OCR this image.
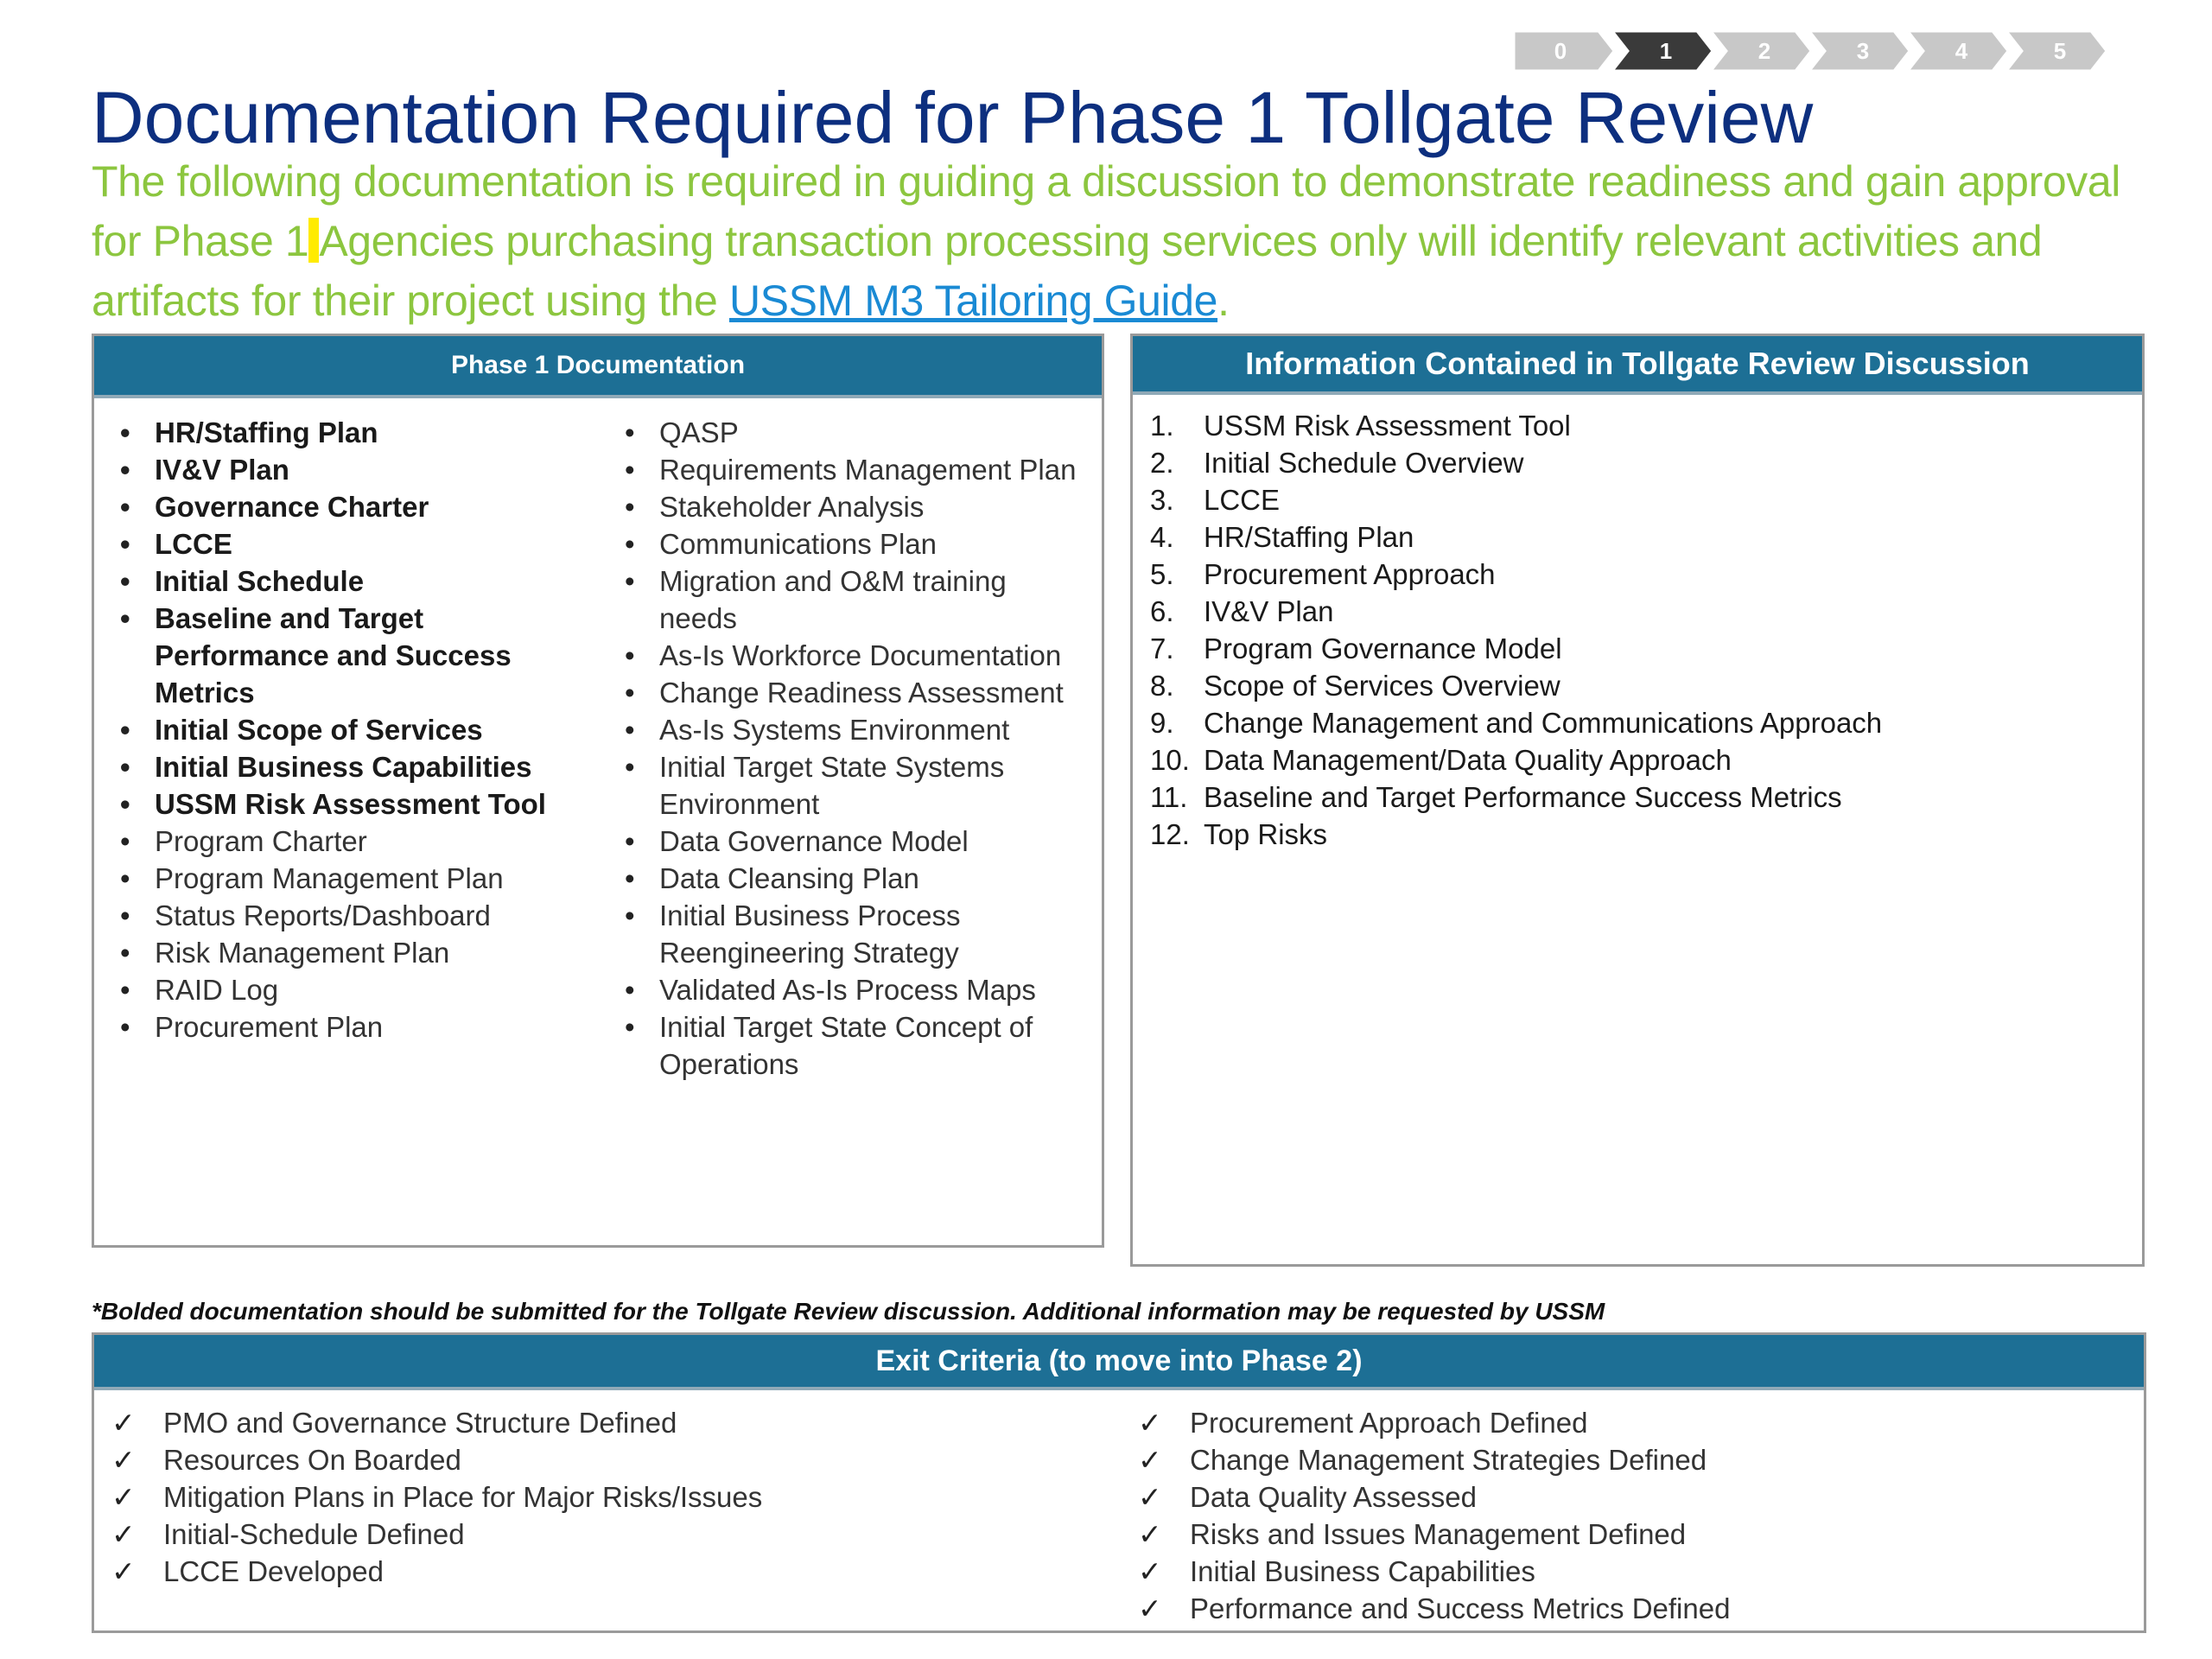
0	1	2	3	4	5
Documentation Required for Phase 1 Tollgate Review

The following documentation is required in guiding a discussion to demonstrate readiness and gain approval for Phase 1 Agencies purchasing transaction processing services only will identify relevant activities and artifacts for their project using the USSM M3 Tailoring Guide.

Phase 1 Documentation
• HR/Staffing Plan
• IV&V Plan
• Governance Charter
• LCCE
• Initial Schedule
• Baseline and Target Performance and Success Metrics
• Initial Scope of Services
• Initial Business Capabilities
• USSM Risk Assessment Tool
• Program Charter
• Program Management Plan
• Status Reports/Dashboard
• Risk Management Plan
• RAID Log
• Procurement Plan
• QASP
• Requirements Management Plan
• Stakeholder Analysis
• Communications Plan
• Migration and O&M training needs
• As-Is Workforce Documentation
• Change Readiness Assessment
• As-Is Systems Environment
• Initial Target State Systems Environment
• Data Governance Model
• Data Cleansing Plan
• Initial Business Process Reengineering Strategy
• Validated As-Is Process Maps
• Initial Target State Concept of Operations
Information Contained in Tollgate Review Discussion
1. USSM Risk Assessment Tool
2. Initial Schedule Overview
3. LCCE
4. HR/Staffing Plan
5. Procurement Approach
6. IV&V Plan
7. Program Governance Model
8. Scope of Services Overview
9. Change Management and Communications Approach
10. Data Management/Data Quality Approach
11. Baseline and Target Performance Success Metrics
12. Top Risks

*Bolded documentation should be submitted for the Tollgate Review discussion. Additional information may be requested by USSM

Exit Criteria (to move into Phase 2)
✓ PMO and Governance Structure Defined
✓ Resources On Boarded
✓ Mitigation Plans in Place for Major Risks/Issues
✓ Initial-Schedule Defined
✓ LCCE Developed
✓ Procurement Approach Defined
✓ Change Management Strategies Defined
✓ Data Quality Assessed
✓ Risks and Issues Management Defined
✓ Initial Business Capabilities
✓ Performance and Success Metrics Defined
